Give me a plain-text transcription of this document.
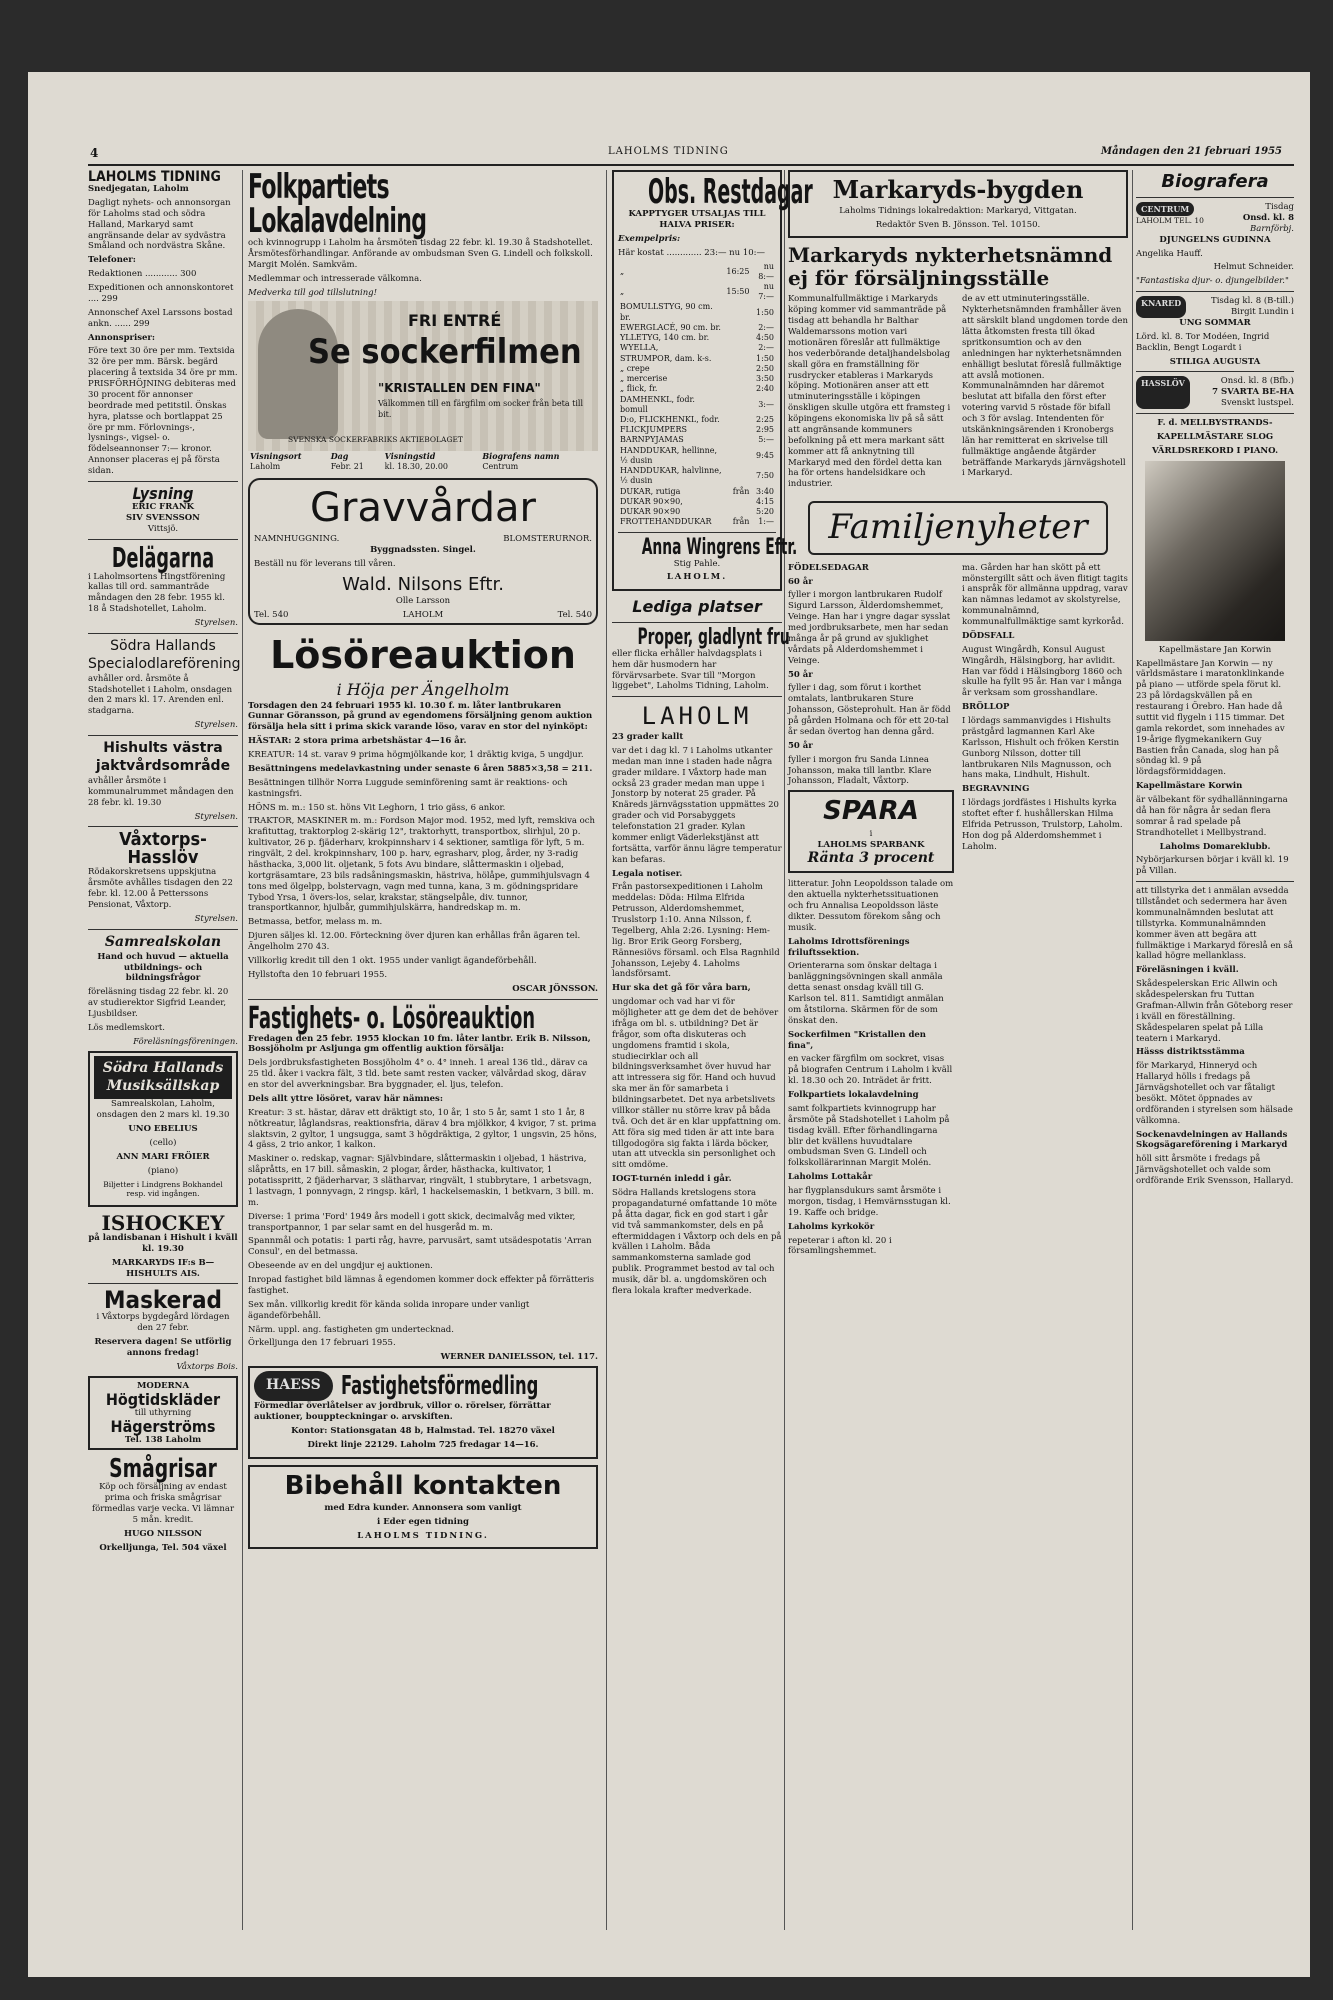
4	LAHOLMS TIDNING	Måndagen den 21 februari 1955
LAHOLMS TIDNING

Snedjegatan, Laholm

Dagligt nyhets- och annonsorgan för Laholms stad och södra Halland, Markaryd samt angränsande delar av sydvästra Småland och nordvästra Skåne.

Telefoner:

Redaktionen ............ 300

Expeditionen och annonskontoret .... 299

Annonschef Axel Larssons bostad ankn. ...... 299

Annonspriser:

Före text 30 öre per mm. Textsida 32 öre per mm. Bärsk. begärd placering å textsida 34 öre pr mm. PRISFÖRHÖJNING debiteras med 30 procent för annonser beordrade med petitstil. Önskas hyra, platsse och bortlappat 25 öre pr mm. Förlovnings-, lysnings-, vigsel- o. födelseannonser 7:— kronor. Annonser placeras ej på första sidan.

Lysning
ERIC FRANK
SIV SVENSSON
Vittsjö.
Delägarna

i Laholmsortens Hingstförening kallas till ord. sammanträde måndagen den 28 febr. 1955 kl. 18 å Stadshotellet, Laholm.

Styrelsen.

Södra Hallands Specialodlareförening

avhåller ord. årsmöte å Stadshotellet i Laholm, onsdagen den 2 mars kl. 17. Arenden enl. stadgarna.

Styrelsen.

Hishults västra jaktvårdsområde

avhåller årsmöte i kommunalrummet måndagen den 28 febr. kl. 19.30

Styrelsen.

Våxtorps-Hasslöv

Rödakorskretsens uppskjutna årsmöte avhålles tisdagen den 22 febr. kl. 12.00 å Petterssons Pensionat, Våxtorp.

Styrelsen.

Samrealskolan

Hand och huvud — aktuella utbildnings- och bildningsfrågor

föreläsning tisdag 22 febr. kl. 20 av studierektor Sigfrid Leander, Ljusbildser.

Lös medlemskort.

Föreläsningsföreningen.

Södra Hallands Musiksällskap

Samrealskolan, Laholm, onsdagen den 2 mars kl. 19.30

UNO EBELIUS

(cello)

ANN MARI FRÖIER

(piano)

Biljetter i Lindgrens Bokhandel resp. vid ingången.

ISHOCKEY

på landisbanan i Hishult i kväll kl. 19.30

MARKARYDS IF:s B— HISHULTS AIS.

Maskerad

i Våxtorps bygdegård lördagen den 27 febr.

Reservera dagen! Se utförlig annons fredag!

Våxtorps Bois.

MODERNA
Högtidskläder
till uthyrning
Hägerströms
Tel. 138 Laholm
Smågrisar

Köp och försäljning av endast prima och friska smågrisar förmedlas varje vecka. Vi lämnar 5 mån. kredit.

HUGO NILSSON

Orkelljunga, Tel. 504 växel

Folkpartiets Lokalavdelning

och kvinnogrupp i Laholm ha årsmöten tisdag 22 febr. kl. 19.30 å Stadshotellet. Årsmötesförhandlingar. Anförande av ombudsman Sven G. Lindell och folkskoll. Margit Molén. Samkväm.

Medlemmar och intresserade välkomna.

Medverka till god tillslutning!

FRI ENTRÉ
Se sockerfilmen
"KRISTALLEN DEN FINA"
Välkommen till en färgfilm om socker från beta till bit.
SVENSKA SOCKERFABRIKS AKTIEBOLAGET
Visningsort	Dag	Visningstid	Biografens namn
Laholm	Febr. 21	kl. 18.30, 20.00	Centrum
Gravvårdar
NAMNHUGGNING.	BLOMSTERURNOR.

Byggnadssten. Singel.

Beställ nu för leverans till våren.

Wald. Nilsons Eftr.

Olle Larsson

Tel. 540	LAHOLM	Tel. 540
Lösöreauktion
i Höja per Ängelholm

Torsdagen den 24 februari 1955 kl. 10.30 f. m. låter lantbrukaren Gunnar Göransson, på grund av egendomens försäljning genom auktion försälja hela sitt i prima skick varande löso, varav en stor del nyinköpt:

HÄSTAR: 2 stora prima arbetshästar 4—16 år.

KREATUR: 14 st. varav 9 prima högmjölkande kor, 1 dräktig kviga, 5 ungdjur.

Besättningens medelavkastning under senaste 6 åren 5885×3,58 = 211.

Besättningen tillhör Norra Luggude seminförening samt är reaktions- och kastningsfri.

HÖNS m. m.: 150 st. höns Vit Leghorn, 1 trio gäss, 6 ankor.

TRAKTOR, MASKINER m. m.: Fordson Major mod. 1952, med lyft, remskiva och krafituttag, traktorplog 2-skärig 12", traktorhytt, transportbox, slirhjul, 20 p. kultivator, 26 p. fjäderharv, krokpinnsharv i 4 sektioner, samtliga för lyft, 5 m. ringvält, 2 del. krokpinnsharv, 100 p. harv, egrasharv, plog, årder, ny 3-radig hästhacka, 3,000 lit. oljetank, 5 fots Avu bindare, slåttermaskin i oljebad, kortgräsamtare, 23 bils radsåningsmaskin, hästriva, hölåpe, gummihjulsvagn 4 tons med ölgelpp, bolstervagn, vagn med tunna, kana, 3 m. gödningspridare Tybod Yrsa, 1 övers-los, selar, krakstar, stängselpåle, div. tunnor, transportkannor, hjulbår, gummihjulskärra, handredskap m. m.

Betmassa, betfor, melass m. m.

Djuren säljes kl. 12.00. Förteckning över djuren kan erhållas från ägaren tel. Ängelholm 270 43.

Villkorlig kredit till den 1 okt. 1955 under vanligt ägandeförbehåll.

Hyllstofta den 10 februari 1955.

OSCAR JÖNSSON.

Fastighets- o. Lösöreauktion

Fredagen den 25 febr. 1955 klockan 10 fm. låter lantbr. Erik B. Nilsson, Bossjöholm pr Asljunga gm offentlig auktion försälja:

Dels jordbruksfastigheten Bossjöholm 4° o. 4° inneh. 1 areal 136 tld., därav ca 25 tld. åker i vackra fält, 3 tld. bete samt resten vacker, välvårdad skog, därav en stor del avverkningsbar. Bra byggnader, el. ljus, telefon.

Dels allt yttre lösöret, varav här nämnes:

Kreatur: 3 st. hästar, därav ett dräktigt sto, 10 år, 1 sto 5 år, samt 1 sto 1 år, 8 nötkreatur, låglandsras, reaktionsfria, därav 4 bra mjölkkor, 4 kvigor, 7 st. prima slaktsvin, 2 gyltor, 1 ungsugga, samt 3 högdräktiga, 2 gyltor, 1 ungsvin, 25 höns, 4 gäss, 2 trio ankor, 1 kalkon.

Maskiner o. redskap, vagnar: Självbindare, slåttermaskin i oljebad, 1 hästriva, slåpråtts, en 17 bill. såmaskin, 2 plogar, årder, hästhacka, kultivator, 1 potatisspritt, 2 fjäderharvar, 3 slätharvar, ringvält, 1 stubbrytare, 1 arbetsvagn, 1 lastvagn, 1 ponnyvagn, 2 ringsp. kärl, 1 hackelsemaskin, 1 betkvarn, 3 bill. m. m.

Diverse: 1 prima 'Ford' 1949 års modell i gott skick, decimalvåg med vikter, transportpannor, 1 par selar samt en del husgeråd m. m.

Spannmål och potatis: 1 parti råg, havre, parvusärt, samt utsädespotatis 'Arran Consul', en del betmassa.

Obeseende av en del ungdjur ej auktionen.

Inropad fastighet bild lämnas å egendomen kommer dock effekter på förrätteris fastighet.

Sex mån. villkorlig kredit för kända solida inropare under vanligt ägandeförbehåll.

Närm. uppl. ang. fastigheten gm undertecknad.

Örkelljunga den 17 februari 1955.

WERNER DANIELSSON, tel. 117.

HAESS Fastighetsförmedling

Förmedlar överlåtelser av jordbruk, villor o. rörelser, förrättar auktioner, bouppteckningar o. arvskiften.

Kontor: Stationsgatan 48 b, Halmstad. Tel. 18270 växel

Direkt linje 22129. Laholm 725 fredagar 14—16.

Bibehåll kontakten

med Edra kunder. Annonsera som vanligt

i Eder egen tidning

LAHOLMS TIDNING.

Obs. Restdagar

KAPPTYGER UTSALJAS TILL HALVA PRISER:

Exempelpris:

Här kostat ............. 23:— nu 10:—

„	16:25	nu 8:—
„	15:50	nu 7:—
BOMULLSTYG, 90 cm. br.		1:50
EWERGLACÉ, 90 cm. br.		2:—
YLLETYG, 140 cm. br.		4:50
WYELLA,		2:—
STRUMPOR, dam. k-s.		1:50
„ crepe		2:50
„ mercerise		3:50
„ flick, fr.		2:40
DAMHENKL, fodr. bomull		3:—
D:o, FLICKHENKL, fodr.		2:25
FLICKJUMPERS		2:95
BARNPYJAMAS		5:—
HANDDUKAR, hellinne, ½ dusin		9:45
HANDDUKAR, halvlinne, ½ dusin		7:50
DUKAR, rutiga	från	3:40
DUKAR 90×90,		4:15
DUKAR 90×90		5:20
FROTTEHANDDUKAR	från	1:—
Anna Wingrens Eftr.

Stig Pahle.

LAHOLM.

Lediga platser
Proper, gladlynt fru

eller flicka erhåller halvdagsplats i hem där husmodern har förvärvsarbete. Svar till "Morgon liggebet", Laholms Tidning, Laholm.

LAHOLM

23 grader kallt

var det i dag kl. 7 i Laholms utkanter medan man inne i staden hade några grader mildare. I Våxtorp hade man också 23 grader medan man uppe i Jonstorp by noterat 25 grader. På Knäreds järnvägsstation uppmättes 20 grader och vid Porsabyggets telefonstation 21 grader. Kylan kommer enligt Väderlekstjänst att fortsätta, varför ännu lägre temperatur kan befaras.

Legala notiser.

Från pastorsexpeditionen i Laholm meddelas: Döda: Hilma Elfrida Petrusson, Alderdomshemmet, Truslstorp 1:10. Anna Nilsson, f. Tegelberg, Ahla 2:26. Lysning: Hem-lig. Bror Erik Georg Forsberg, Rännesiövs församl. och Elsa Ragnhild Johansson, Lejeby 4. Laholms landsförsamt.

Hur ska det gå för våra barn,

ungdomar och vad har vi för möjligheter att ge dem det de behöver ifråga om bl. s. utbildning? Det är frågor, som ofta diskuteras och ungdomens framtid i skola, studiecirklar och all bildningsverksamhet över huvud har att intressera sig för. Hand och huvud ska mer än för samarbeta i bildningsarbetet. Det nya arbetslivets villkor ställer nu större krav på båda två. Och det är en klar uppfattning om. Att föra sig med tiden är att inte bara tillgodogöra sig fakta i lärda böcker, utan att utveckla sin personlighet och sitt omdöme.

IOGT-turnén inledd i går.

Södra Hallands kretslogens stora propagandaturné omfattande 10 möte på åtta dagar, fick en god start i går vid två sammankomster, dels en på eftermiddagen i Våxtorp och dels en på kvällen i Laholm. Båda sammankomsterna samlade god publik. Programmet bestod av tal och musik, där bl. a. ungdomskören och flera lokala krafter medverkade.

Markaryds-bygden

Laholms Tidnings lokalredaktion: Markaryd, Vittgatan.

Redaktör Sven B. Jönsson. Tel. 10150.

Markaryds nykterhetsnämnd ej för försäljningsställe

Kommunalfullmäktige i Markaryds köping kommer vid sammanträde på tisdag att behandla hr Balthar Waldemarssons motion vari motionären föreslår att fullmäktige hos vederbörande detaljhandelsbolag skall göra en framställning för rusdrycker etableras i Markaryds köping. Motionären anser att ett utminuteringsställe i köpingen önskligen skulle utgöra ett framsteg i köpingens ekonomiska liv på så sätt att angränsande kommuners befolkning på ett mera markant sätt kommer att få anknytning till Markaryd med den fördel detta kan ha för ortens handelsidkare och industrier.

de av ett utminuteringsställe. Nykterhetsnämnden framhåller även att särskilt bland ungdomen torde den lätta åtkomsten fresta till ökad spritkonsumtion och av den anledningen har nykterhetsnämnden enhälligt beslutat föreslå fullmäktige att avslå motionen. Kommunalnämnden har däremot beslutat att bifalla den först efter votering varvid 5 röstade för bifall och 3 för avslag. Intendenten för utskänkningsärenden i Kronobergs län har remitterat en skrivelse till fullmäktige angående åtgärder beträffande Markaryds järnvägshotell i Markaryd.

Familjenyheter

FÖDELSEDAGAR

60 år

fyller i morgon lantbrukaren Rudolf Sigurd Larsson, Älderdomshemmet, Veinge. Han har i yngre dagar sysslat med jordbruksarbete, men har sedan många år på grund av sjuklighet vårdats på Alderdomshemmet i Veinge.

50 år

fyller i dag, som förut i korthet omtalats, lantbrukaren Sture Johansson, Gösteprohult. Han är född på gården Holmana och för ett 20-tal år sedan övertog han denna gård.

50 år

fyller i morgon fru Sanda Linnea Johansson, maka till lantbr. Klare Johansson, Fladalt, Våxtorp.

SPARA
i
LAHOLMS SPARBANK
Ränta 3 procent

litteratur. John Leopoldsson talade om den aktuella nykterhetssituationen och fru Annalisa Leopoldsson läste dikter. Dessutom förekom sång och musik.

Laholms Idrottsförenings friluftssektion.

Orienterarna som önskar deltaga i banläggningsövningen skall anmäla detta senast onsdag kväll till G. Karlson tel. 811. Samtidigt anmälan om åtstilorna. Skärmen för de som önskat den.

Sockerfilmen "Kristallen den fina",

en vacker färgfilm om sockret, visas på biografen Centrum i Laholm i kväll kl. 18.30 och 20. Inträdet är fritt.

Folkpartiets lokalavdelning

samt folkpartiets kvinnogrupp har årsmöte på Stadshotellet i Laholm på tisdag kväll. Efter förhandlingarna blir det kvällens huvudtalare ombudsman Sven G. Lindell och folkskollärarinnan Margit Molén.

Laholms Lottakår

har flygplansdukurs samt årsmöte i morgon, tisdag, i Hemvärnsstugan kl. 19. Kaffe och bridge.

Laholms kyrkokör

repeterar i afton kl. 20 i församlingshemmet.

ma. Gården har han skött på ett mönstergillt sätt och även flitigt tagits i anspråk för allmänna uppdrag, varav kan nämnas ledamot av skolstyrelse, kommunalnämnd, kommunalfullmäktige samt kyrkoråd.

DÖDSFALL

August Wingårdh, Konsul August Wingårdh, Hälsingborg, har avlidit. Han var född i Hälsingborg 1860 och skulle ha fyllt 95 år. Han var i många år verksam som grosshandlare.

BRÖLLOP

I lördags sammanvigdes i Hishults prästgård lagmannen Karl Ake Karlsson, Hishult och fröken Kerstin Gunborg Nilsson, dotter till lantbrukaren Nils Magnusson, och hans maka, Lindhult, Hishult.

BEGRAVNING

I lördags jordfästes i Hishults kyrka stoftet efter f. hushållerskan Hilma Elfrida Petrusson, Trulstorp, Laholm. Hon dog på Alderdomshemmet i Laholm.

Biografera
CENTRUM
LAHOLM TEL. 10
Tisdag
Onsd. kl. 8
Barnförbj.

DJUNGELNS GUDINNA

Angelika Hauff.

Helmut Schneider.

"Fantastiska djur- o. djungelbilder."

KNARED	Tisdag kl. 8 (B-till.)
Birgit Lundin i

UNG SOMMAR

Lörd. kl. 8. Tor Modéen, Ingrid Backlin, Bengt Logardt i

STILIGA AUGUSTA

HASSLÖV	Onsd. kl. 8 (Bfb.)
7 SVARTA BE-HA
Svenskt lustspel.

F. d. MELLBYSTRANDS-

KAPELLMÄSTARE SLOG

VÄRLDSREKORD I PIANO.

Kapellmästare Jan Korwin

Kapellmästare Jan Korwin — ny världsmästare i maratonklinkande på piano — utförde spela förut kl. 23 på lördagskvällen på en restaurang i Örebro. Han hade då suttit vid flygeln i 115 timmar. Det gamla rekordet, som innehades av 19-årige flygmekanikern Guy Bastien från Canada, slog han på söndag kl. 9 på lördagsförmiddagen.

Kapellmästare Korwin

är välbekant för sydhallänningarna då han för några år sedan flera somrar å rad spelade på Strandhotellet i Mellbystrand.

Laholms Domareklubb.

Nybörjarkursen börjar i kväll kl. 19 på Villan.

att tillstyrka det i anmälan avsedda tillståndet och sedermera har även kommunalnämnden beslutat att tillstyrka. Kommunalnämnden kommer även att begära att fullmäktige i Markaryd föreslå en så kallad högre mellanklass.

Föreläsningen i kväll.

Skådespelerskan Eric Allwin och skådespelerskan fru Tuttan Grafman-Allwin från Göteborg reser i kväll en föreställning. Skådespelaren spelat på Lilla teatern i Markaryd.

Hässs distriktsstämma

för Markaryd, Hinneryd och Hallaryd hölls i fredags på Järnvägshotellet och var fåtaligt besökt. Mötet öppnades av ordföranden i styrelsen som hälsade välkomna.

Sockenavdelningen av Hallands Skogsägareförening i Markaryd

höll sitt årsmöte i fredags på Järnvägshotellet och valde som ordförande Erik Svensson, Hallaryd.
